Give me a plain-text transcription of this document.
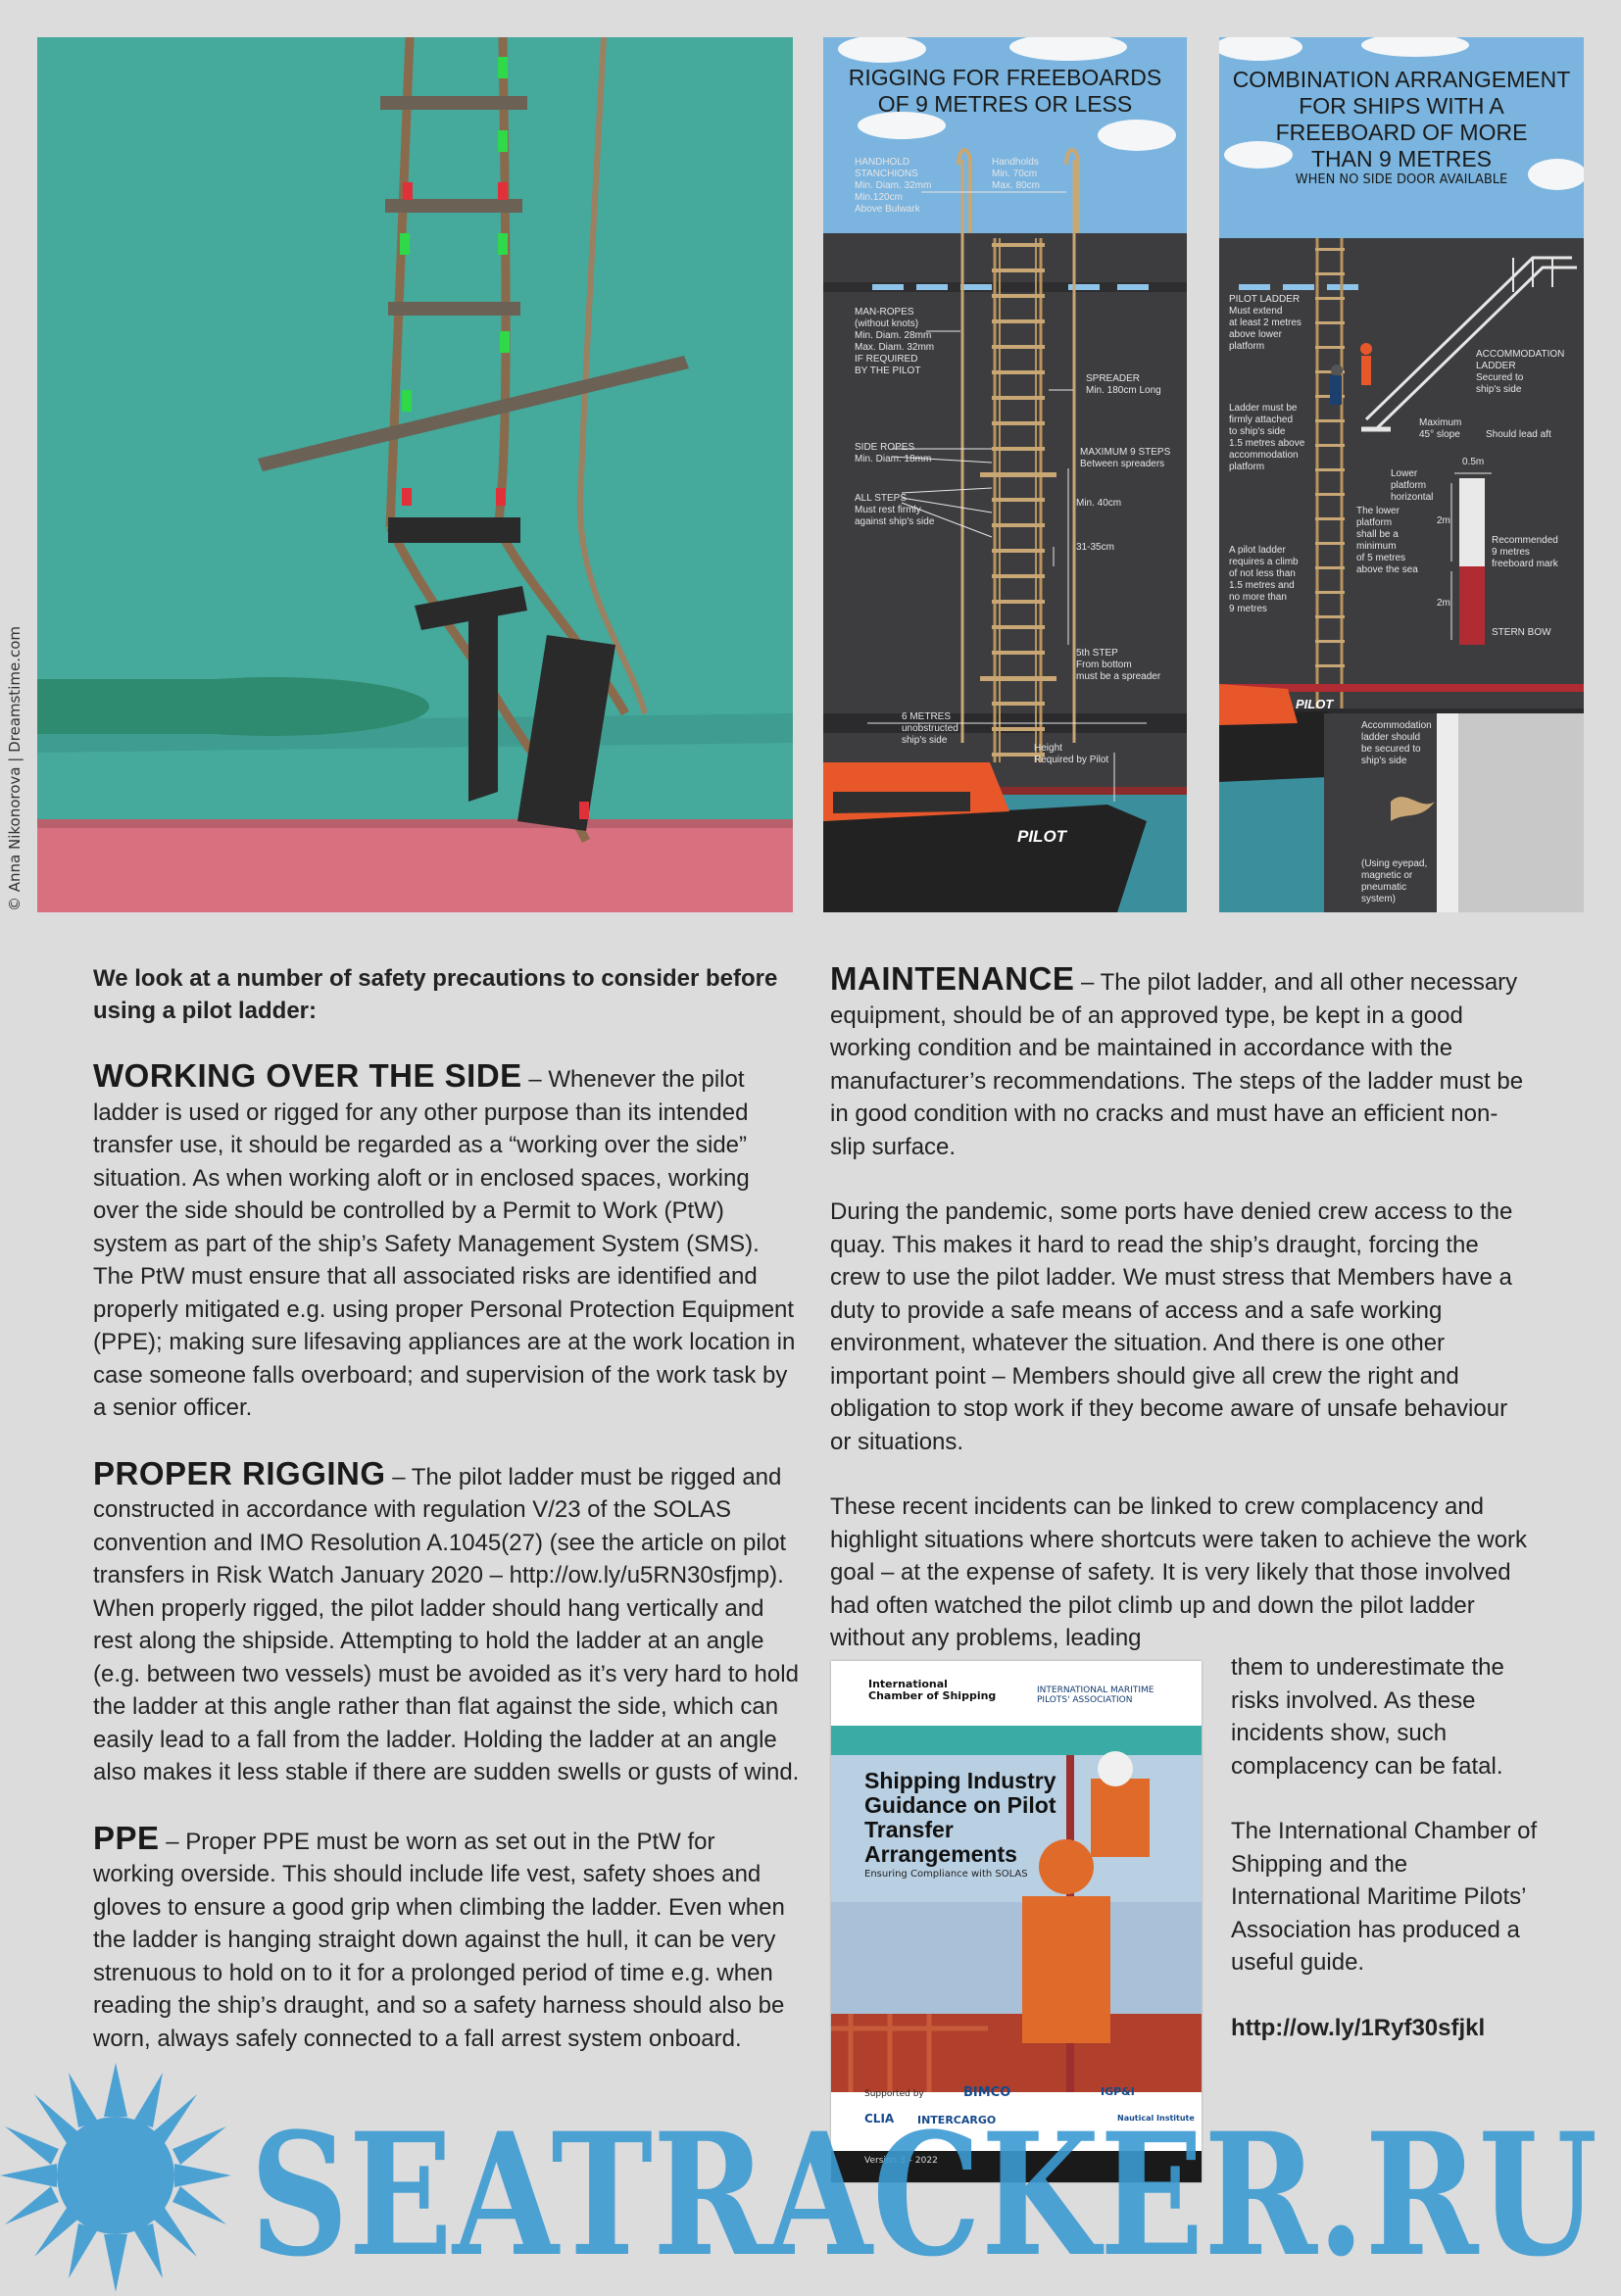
© Anna Nikonorova | Dreamstime.com
RIGGING FOR FREEBOARDS
OF 9 METRES OR LESS
HANDHOLD
STANCHIONS
Min. Diam. 32mm
Min.120cm
Above Bulwark
Handholds
Min. 70cm
Max. 80cm
MAN-ROPES
(without knots)
Min. Diam. 28mm
Max. Diam. 32mm
IF REQUIRED
BY THE PILOT
SPREADER
Min. 180cm Long
SIDE ROPES
Min. Diam. 18mm
MAXIMUM 9 STEPS
Between spreaders
ALL STEPS
Must rest firmly
against ship's side
Min. 40cm
31-35cm
5th STEP
From bottom
must be a spreader
6 METRES
unobstructed
ship's side
Height
Required by Pilot
PILOT
COMBINATION ARRANGEMENT
FOR SHIPS WITH A
FREEBOARD OF MORE
THAN 9 METRES
WHEN NO SIDE DOOR AVAILABLE
PILOT LADDER
Must extend
at least 2 metres
above lower
platform
ACCOMMODATION
LADDER
Secured to
ship's side
Ladder must be
firmly attached
to ship's side
1.5 metres above
accommodation
platform
Maximum
45° slope	Should lead aft
Lower
platform
horizontal
0.5m
2m
2m
Recommended
9 metres
freeboard mark
A pilot ladder
requires a climb
of not less than
1.5 metres and
no more than
9 metres
The lower
platform
shall be a
minimum
of 5 metres
above the sea
STERN BOW
Accommodation
ladder should
be secured to
ship's side
(Using eyepad,
magnetic or
pneumatic
system)
PILOT

We look at a number of safety precautions to consider before using a pilot ladder:

WORKING OVER THE SIDE – Whenever the pilot ladder is used or rigged for any other purpose than its intended transfer use, it should be regarded as a “working over the side” situation. As when working aloft or in enclosed spaces, working over the side should be controlled by a Permit to Work (PtW) system as part of the ship’s Safety Management System (SMS). The PtW must ensure that all associated risks are identified and properly mitigated e.g. using proper Personal Protection Equipment (PPE); making sure lifesaving appliances are at the work location in case someone falls overboard; and supervision of the work task by a senior officer.

PROPER RIGGING – The pilot ladder must be rigged and constructed in accordance with regulation V/23 of the SOLAS convention and IMO Resolution A.1045(27) (see the article on pilot transfers in Risk Watch January 2020 – http://ow.ly/u5RN30sfjmp). When properly rigged, the pilot ladder should hang vertically and rest along the shipside. Attempting to hold the ladder at an angle (e.g. between two vessels) must be avoided as it’s very hard to hold the ladder at this angle rather than flat against the side, which can easily lead to a fall from the ladder. Holding the ladder at an angle also makes it less stable if there are sudden swells or gusts of wind.

PPE – Proper PPE must be worn as set out in the PtW for working overside. This should include life vest, safety shoes and gloves to ensure a good grip when climbing the ladder. Even when the ladder is hanging straight down against the hull, it can be very strenuous to hold on to it for a prolonged period of time e.g. when reading the ship’s draught, and so a safety harness should also be worn, always safely connected to a fall arrest system onboard.

MAINTENANCE – The pilot ladder, and all other necessary equipment, should be of an approved type, be kept in a good working condition and be maintained in accordance with the manufacturer’s recommendations. The steps of the ladder must be in good condition with no cracks and must have an efficient non-slip surface.

During the pandemic, some ports have denied crew access to the quay. This makes it hard to read the ship’s draught, forcing the crew to use the pilot ladder. We must stress that Members have a duty to provide a safe means of access and a safe working environment, whatever the situation. And there is one other important point – Members should give all crew the right and obligation to stop work if they become aware of unsafe behaviour or situations.

These recent incidents can be linked to crew complacency and highlight situations where shortcuts were taken to achieve the work goal – at the expense of safety. It is very likely that those involved had often watched the pilot climb up and down the pilot ladder without any problems, leading

them to underestimate the risks involved. As these incidents show, such complacency can be fatal.

The International Chamber of Shipping and the International Maritime Pilots’ Association has produced a useful guide.

http://ow.ly/1Ryf30sfjkl

International
Chamber of Shipping	INTERNATIONAL MARITIME
PILOTS' ASSOCIATION
Shipping Industry Guidance on Pilot Transfer Arrangements
Ensuring Compliance with SOLAS
Supported by	BIMCO	IGP&I
CLIA INTERCARGO	Nautical Institute
Version 3 – 2022
SEATRACKER.RU
